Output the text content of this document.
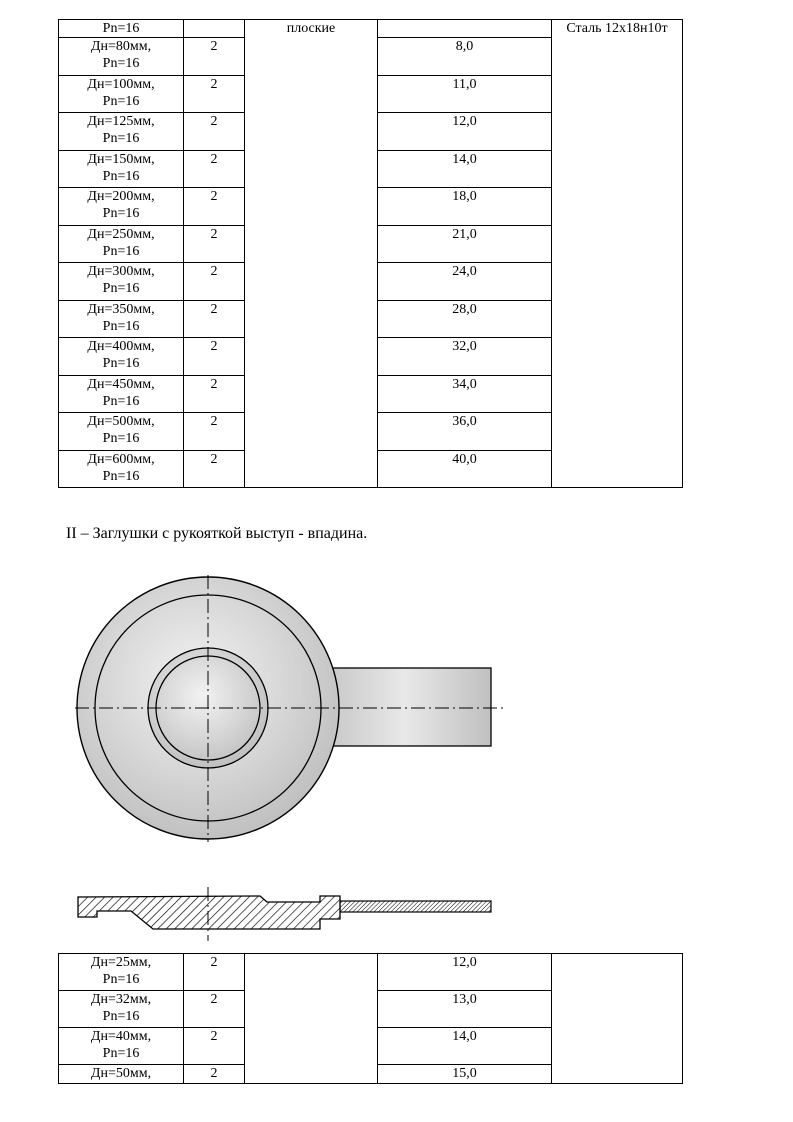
Pn=16		плоские		Сталь 12х18н10т

Дн=80мм,
Pn=16	2		8,0	

Дн=100мм,
Pn=16	2		11,0	

Дн=125мм,
Pn=16	2		12,0	

Дн=150мм,
Pn=16	2		14,0	

Дн=200мм,
Pn=16	2		18,0	

Дн=250мм,
Pn=16	2		21,0	

Дн=300мм,
Pn=16	2		24,0	

Дн=350мм,
Pn=16	2		28,0	

Дн=400мм,
Pn=16	2		32,0	

Дн=450мм,
Pn=16	2		34,0	

Дн=500мм,
Pn=16	2		36,0	

Дн=600мм,
Pn=16	2		40,0	
II – Заглушки с рукояткой выступ - впадина.
Дн=25мм,
Pn=16	2		12,0	

Дн=32мм,
Pn=16	2		13,0	

Дн=40мм,
Pn=16	2		14,0	

Дн=50мм,	2		15,0	
